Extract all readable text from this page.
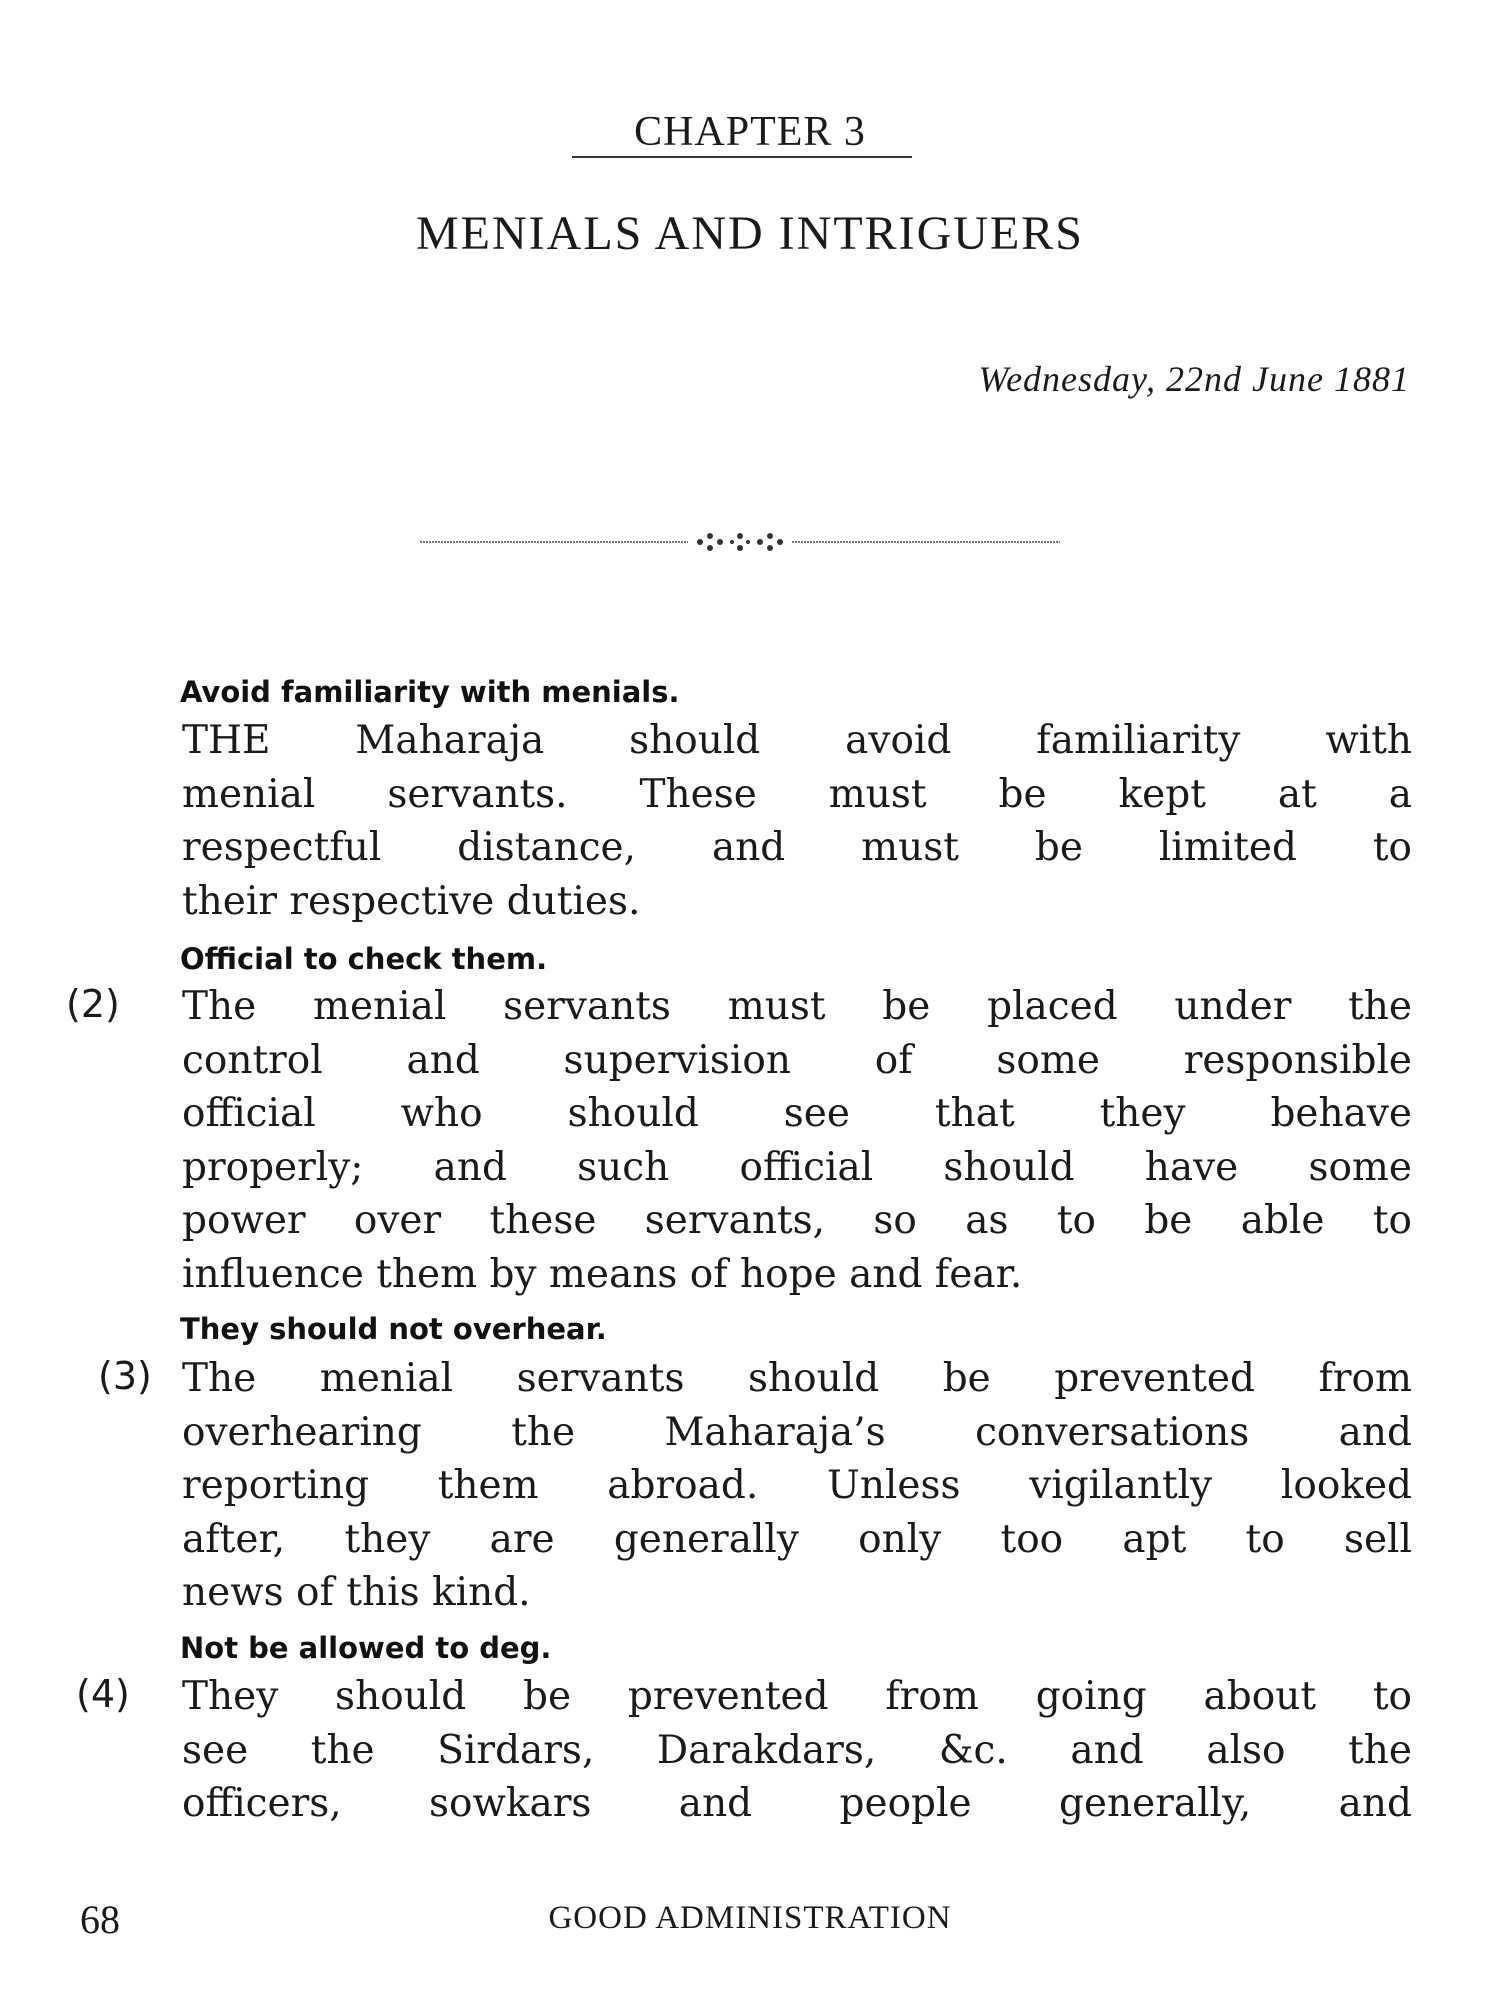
CHAPTER 3
MENIALS AND INTRIGUERS
Wednesday, 22nd June 1881
Avoid familiarity with menials.
THE Maharaja should avoid familiarity with
menial servants. These must be kept at a
respectful distance, and must be limited to
their respective duties.
Official to check them.
(2) The menial servants must be placed under the
control and supervision of some responsible
official who should see that they behave
properly; and such official should have some
power over these servants, so as to be able to
influence them by means of hope and fear.
They should not overhear.
(3) The menial servants should be prevented from
overhearing the Maharaja’s conversations and
reporting them abroad. Unless vigilantly looked
after, they are generally only too apt to sell
news of this kind.
Not be allowed to deg.
(4) They should be prevented from going about to
see the Sirdars, Darakdars, &c. and also the
officers, sowkars and people generally, and
68	GOOD ADMINISTRATION
